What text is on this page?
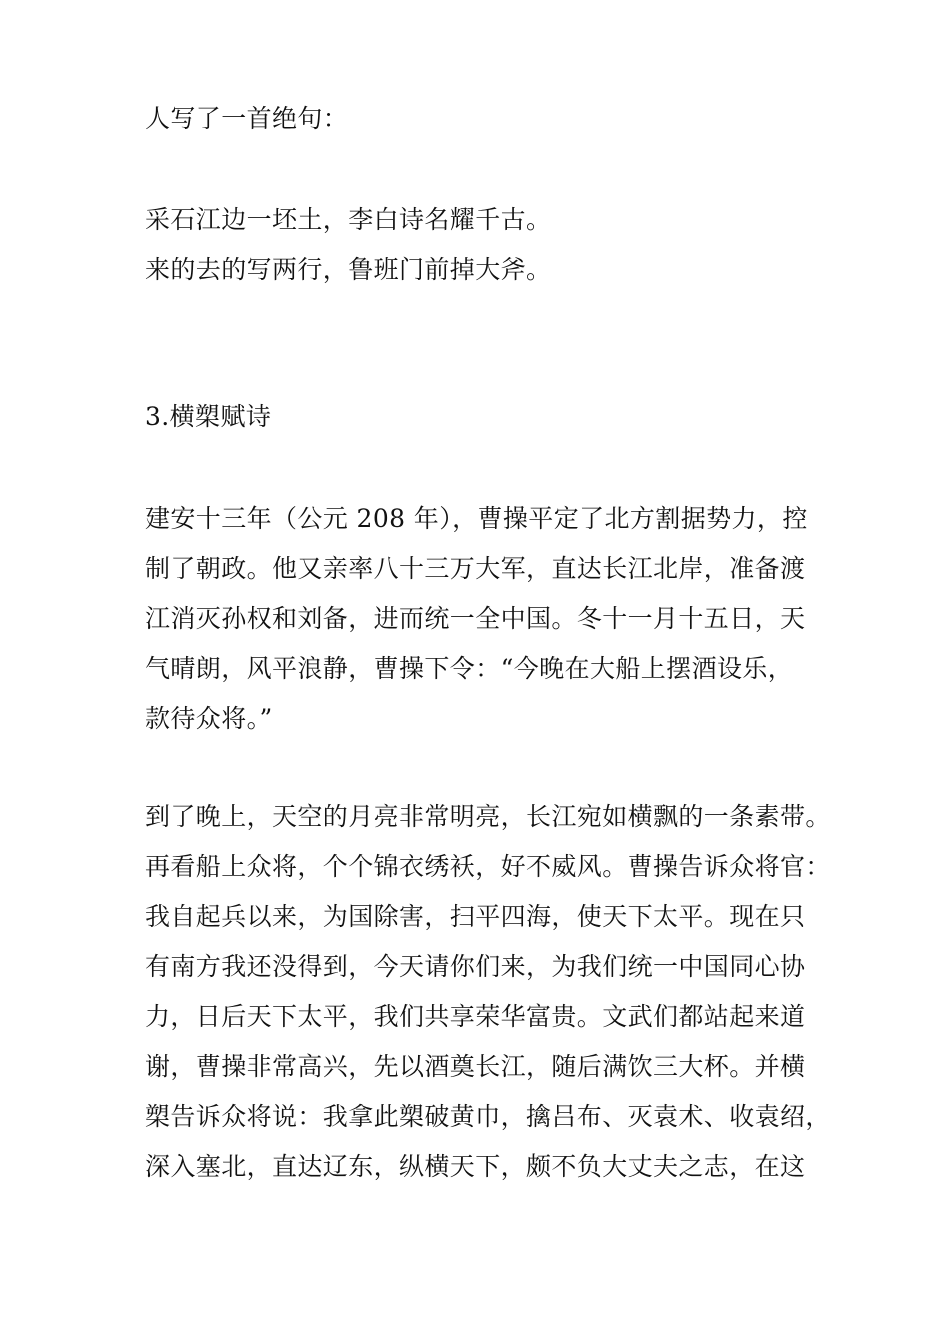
人写了一首绝句：
采石江边一坯土，李白诗名耀千古。
来的去的写两行，鲁班门前掉大斧。
3.横槊赋诗
建安十三年（公元 208 年），曹操平定了北方割据势力，控
制了朝政。他又亲率八十三万大军，直达长江北岸，准备渡
江消灭孙权和刘备，进而统一全中国。冬十一月十五日，天
气晴朗，风平浪静，曹操下令：“今晚在大船上摆酒设乐，
款待众将。”
到了晚上，天空的月亮非常明亮，长江宛如横飘的一条素带。
再看船上众将，个个锦衣绣袄，好不威风。曹操告诉众将官：
我自起兵以来，为国除害，扫平四海，使天下太平。现在只
有南方我还没得到，今天请你们来，为我们统一中国同心协
力，日后天下太平，我们共享荣华富贵。文武们都站起来道
谢，曹操非常高兴，先以酒奠长江，随后满饮三大杯。并横
槊告诉众将说：我拿此槊破黄巾，擒吕布、灭袁术、收袁绍，
深入塞北，直达辽东，纵横天下，颇不负大丈夫之志，在这
